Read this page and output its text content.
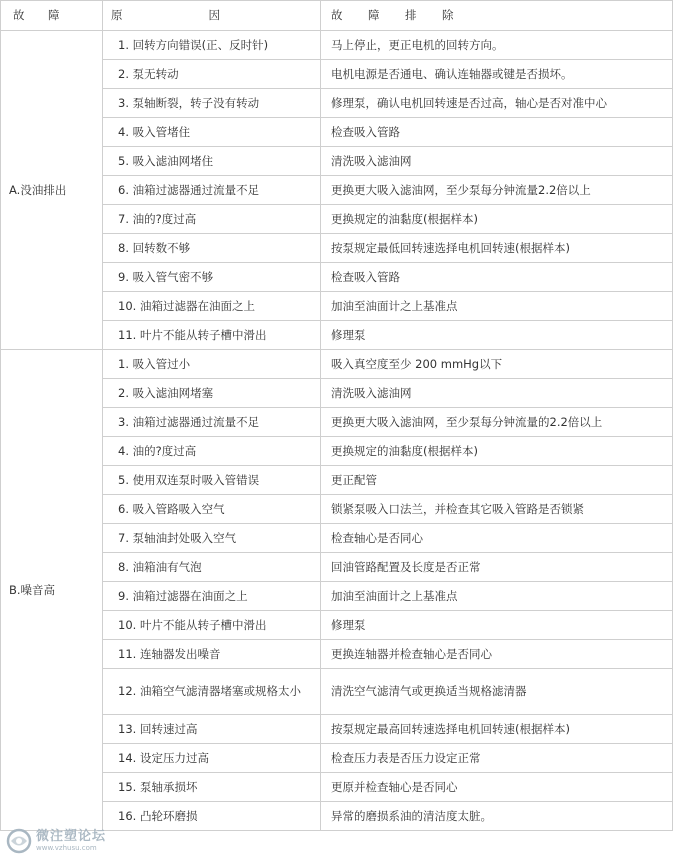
故　障	原　　　　因	故　障　排　除
A.没油排出	1. 回转方向错误(正、反时针)	马上停止，更正电机的回转方向。
	2. 泵无转动	电机电源是否通电、确认连轴器或键是否损坏。
	3. 泵轴断裂，转子没有转动	修理泵，确认电机回转速是否过高，轴心是否对准中心
	4. 吸入管堵住	检查吸入管路
	5. 吸入滤油网堵住	清洗吸入滤油网
	6. 油箱过滤器通过流量不足	更换更大吸入滤油网，至少泵每分钟流量2.2倍以上
	7. 油的?度过高	更换规定的油黏度(根据样本)
	8. 回转数不够	按泵规定最低回转速选择电机回转速(根据样本)
	9. 吸入管气密不够	检查吸入管路
	10. 油箱过滤器在油面之上	加油至油面计之上基准点
	11. 叶片不能从转子槽中滑出	修理泵
B.噪音高	1. 吸入管过小	吸入真空度至少 200 mmHg以下
	2. 吸入滤油网堵塞	清洗吸入滤油网
	3. 油箱过滤器通过流量不足	更换更大吸入滤油网，至少泵每分钟流量的2.2倍以上
	4. 油的?度过高	更换规定的油黏度(根据样本)
	5. 使用双连泵时吸入管错误	更正配管
	6. 吸入管路吸入空气	锁紧泵吸入口法兰，并检查其它吸入管路是否锁紧
	7. 泵轴油封处吸入空气	检查轴心是否同心
	8. 油箱油有气泡	回油管路配置及长度是否正常
	9. 油箱过滤器在油面之上	加油至油面计之上基准点
	10. 叶片不能从转子槽中滑出	修理泵
	11. 连轴器发出噪音	更换连轴器并检查轴心是否同心
	12. 油箱空气滤清器堵塞或规格太小	清洗空气滤清气或更换适当规格滤清器
	13. 回转速过高	按泵规定最高回转速选择电机回转速(根据样本)
	14. 设定压力过高	检查压力表是否压力设定正常
	15. 泵轴承损坏	更原并检查轴心是否同心
	16. 凸轮环磨损	异常的磨损系油的清洁度太脏。
微注塑论坛
www.vzhusu.com
